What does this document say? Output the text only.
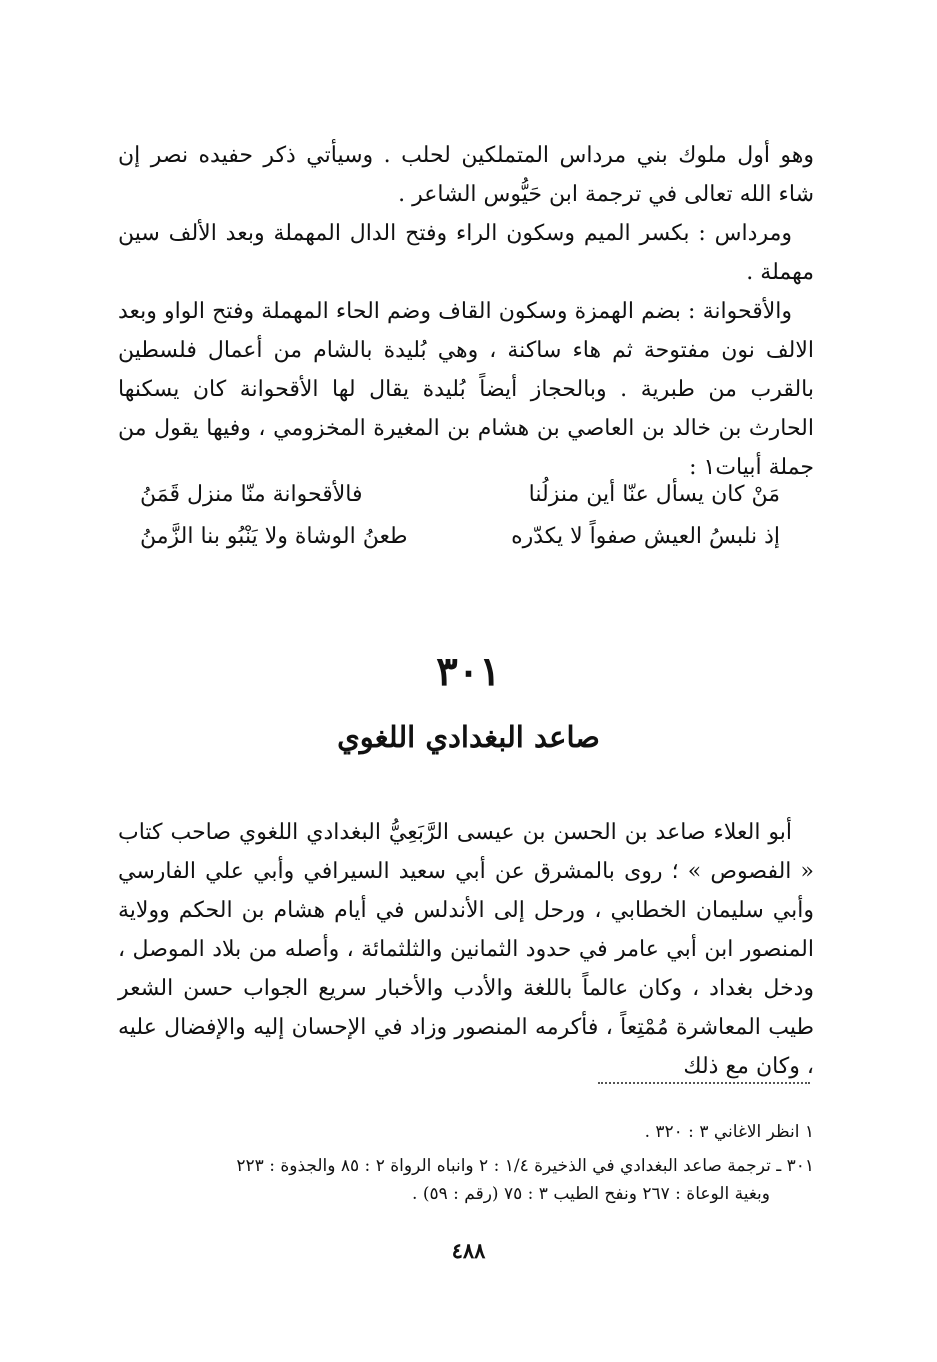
وهو أول ملوك بني مرداس المتملكين لحلب . وسيأتي ذكر حفيده نصر إن شاء الله تعالى في ترجمة ابن حَيُّوس الشاعر .

ومرداس : بكسر الميم وسكون الراء وفتح الدال المهملة وبعد الألف سين مهملة .

والأقحوانة : بضم الهمزة وسكون القاف وضم الحاء المهملة وفتح الواو وبعد الالف نون مفتوحة ثم هاء ساكنة ، وهي بُليدة بالشام من أعمال فلسطين بالقرب من طبرية . وبالحجاز أيضاً بُليدة يقال لها الأقحوانة كان يسكنها الحارث بن خالد بن العاصي بن هشام بن المغيرة المخزومي ، وفيها يقول من جملة أبيات١ :

مَنْ كان يسأل عنّا أين منزلُنا
فالأقحوانة منّا منزل قَمَنُ
إذ نلبسُ العيش صفواً لا يكدّره
طعنُ الوشاة ولا يَنْبُو بنا الزَّمنُ
٣٠١
صاعد البغدادي اللغوي

أبو العلاء صاعد بن الحسن بن عيسى الرَّبَعِيُّ البغدادي اللغوي صاحب كتاب « الفصوص » ؛ روى بالمشرق عن أبي سعيد السيرافي وأبي علي الفارسي وأبي سليمان الخطابي ، ورحل إلى الأندلس في أيام هشام بن الحكم وولاية المنصور ابن أبي عامر في حدود الثمانين والثلثمائة ، وأصله من بلاد الموصل ، ودخل بغداد ، وكان عالماً باللغة والأدب والأخبار سريع الجواب حسن الشعر طيب المعاشرة مُمْتِعاً ، فأكرمه المنصور وزاد في الإحسان إليه والإفضال عليه ، وكان مع ذلك

١ انظر الاغاني ٣ : ٣٢٠ .

٣٠١ ـ ترجمة صاعد البغدادي في الذخيرة ١/٤ : ٢ وانباه الرواة ٢ : ٨٥ والجذوة : ٢٢٣
وبغية الوعاة : ٢٦٧ ونفح الطيب ٣ : ٧٥ (رقم : ٥٩) .

٤٨٨
